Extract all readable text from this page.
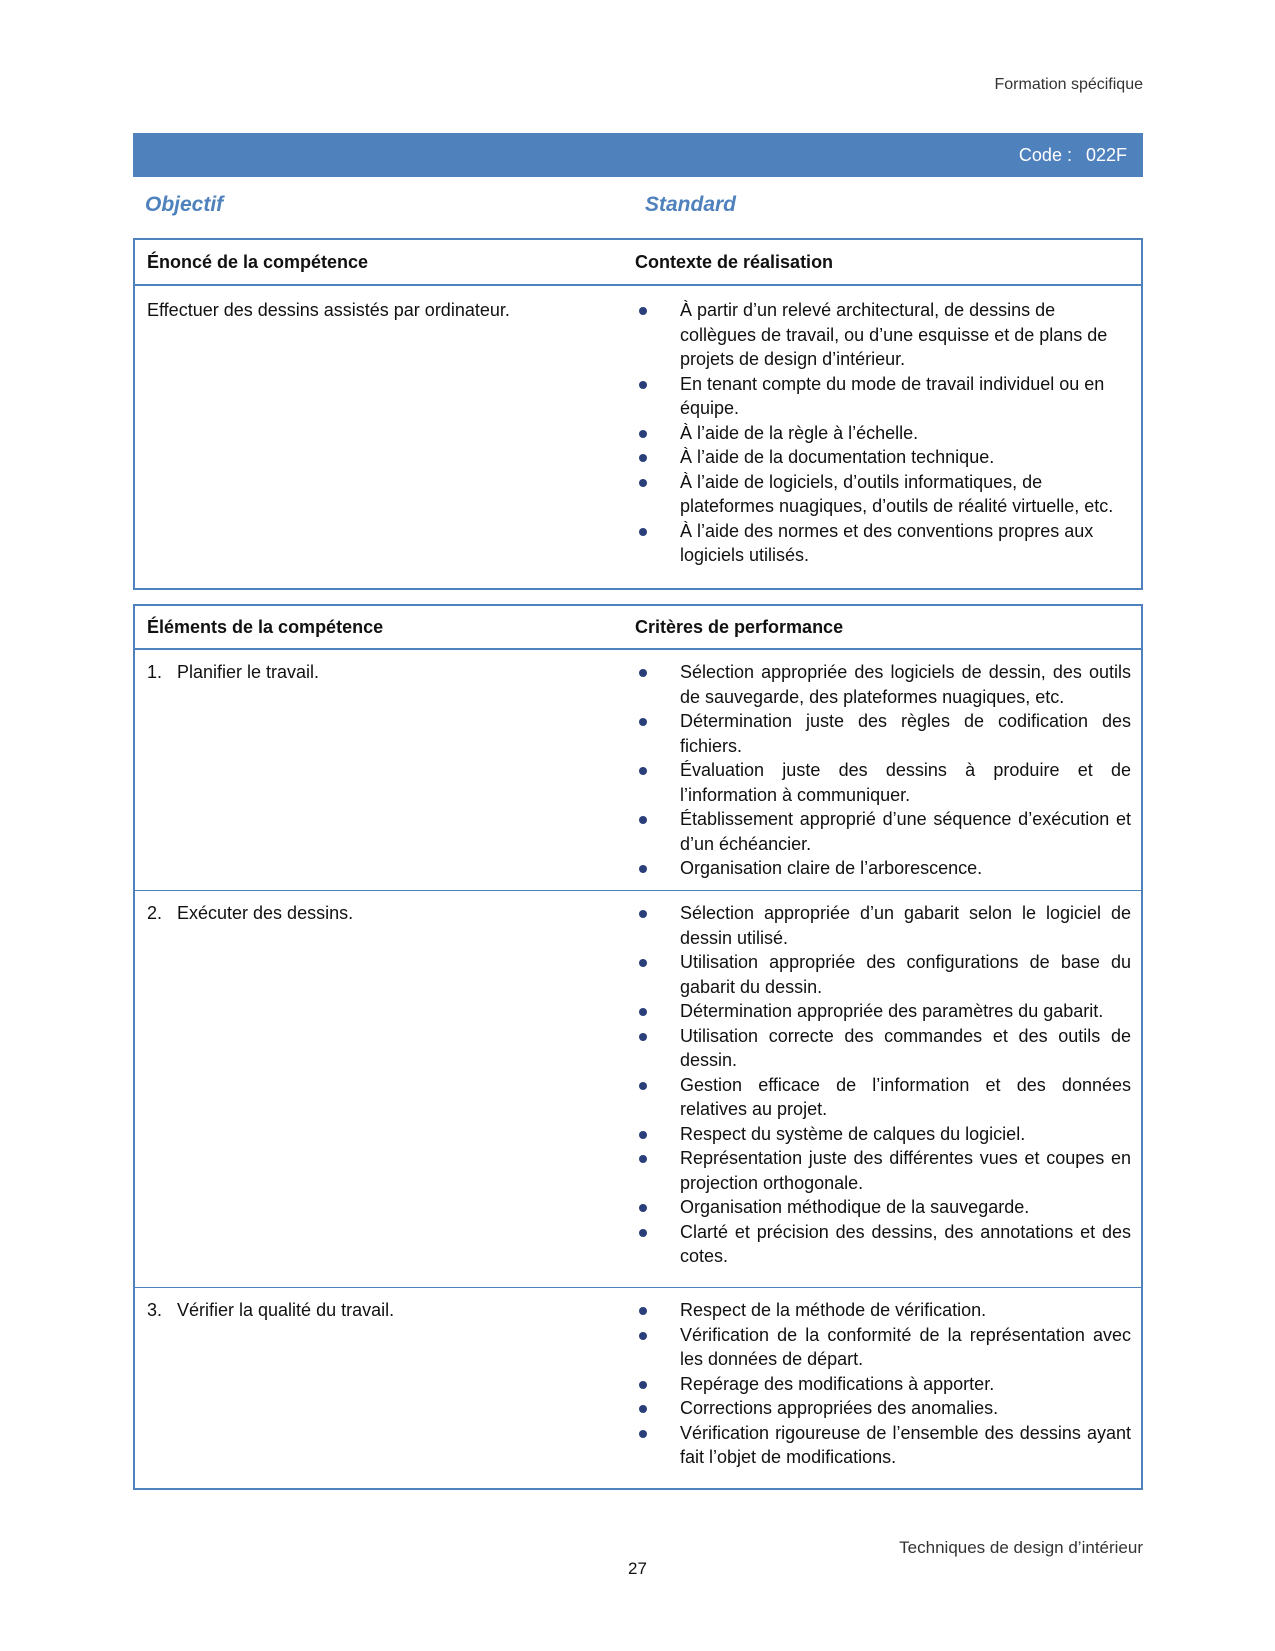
Formation spécifique
Code : 022F
Objectif	Standard
Énoncé de la compétence	Contexte de réalisation
Effectuer des dessins assistés par ordinateur.	À partir d’un relevé architectural, de dessins de collègues de travail, ou d’une esquisse et de plans de projets de design d’intérieur.
En tenant compte du mode de travail individuel ou en équipe.
À l’aide de la règle à l’échelle.
À l’aide de la documentation technique.
À l’aide de logiciels, d’outils informatiques, de plateformes nuagiques, d’outils de réalité virtuelle, etc.
À l’aide des normes et des conventions propres aux logiciels utilisés.
Éléments de la compétence	Critères de performance
1. Planifier le travail.	Sélection appropriée des logiciels de dessin, des outils de sauvegarde, des plateformes nuagiques, etc.
Détermination juste des règles de codification des fichiers.
Évaluation juste des dessins à produire et de l’information à communiquer.
Établissement approprié d’une séquence d’exécution et d’un échéancier.
Organisation claire de l’arborescence.
2. Exécuter des dessins.	Sélection appropriée d’un gabarit selon le logiciel de dessin utilisé.
Utilisation appropriée des configurations de base du gabarit du dessin.
Détermination appropriée des paramètres du gabarit.
Utilisation correcte des commandes et des outils de dessin.
Gestion efficace de l’information et des données relatives au projet.
Respect du système de calques du logiciel.
Représentation juste des différentes vues et coupes en projection orthogonale.
Organisation méthodique de la sauvegarde.
Clarté et précision des dessins, des annotations et des cotes.
3. Vérifier la qualité du travail.	Respect de la méthode de vérification.
Vérification de la conformité de la représentation avec les données de départ.
Repérage des modifications à apporter.
Corrections appropriées des anomalies.
Vérification rigoureuse de l’ensemble des dessins ayant fait l’objet de modifications.
Techniques de design d’intérieur
27
